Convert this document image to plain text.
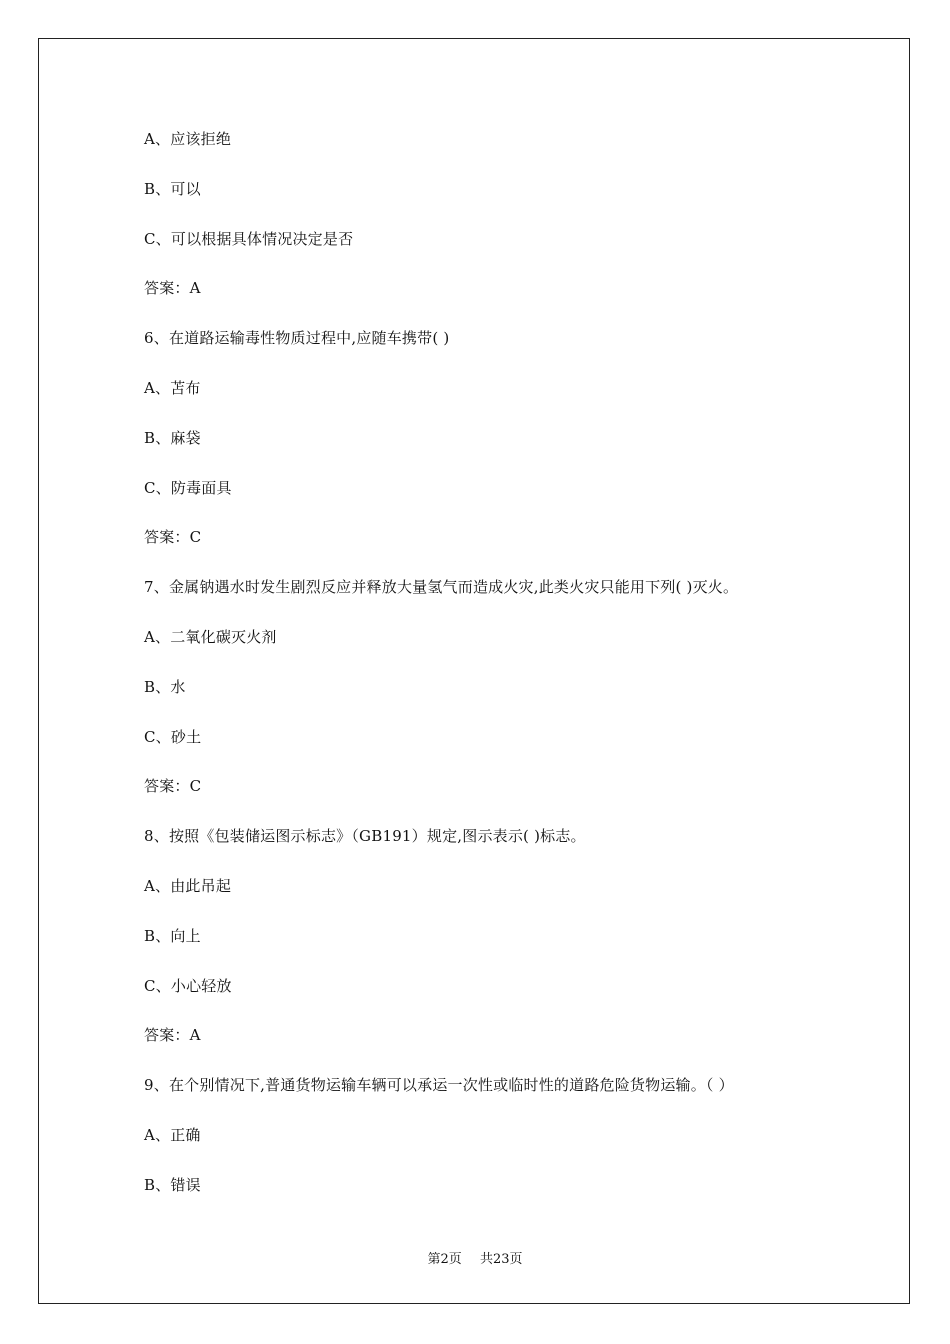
A、应该拒绝
B、可以
C、可以根据具体情况决定是否
答案：A
6、在道路运输毒性物质过程中,应随车携带( )
A、苫布
B、麻袋
C、防毒面具
答案：C
7、金属钠遇水时发生剧烈反应并释放大量氢气而造成火灾,此类火灾只能用下列( )灭火。
A、二氧化碳灭火剂
B、水
C、砂土
答案：C
8、按照《包装储运图示标志》（GB191）规定,图示表示( )标志。
A、由此吊起
B、向上
C、小心轻放
答案：A
9、在个别情况下,普通货物运输车辆可以承运一次性或临时性的道路危险货物运输。（ ）
A、正确
B、错误
第2页 共23页
